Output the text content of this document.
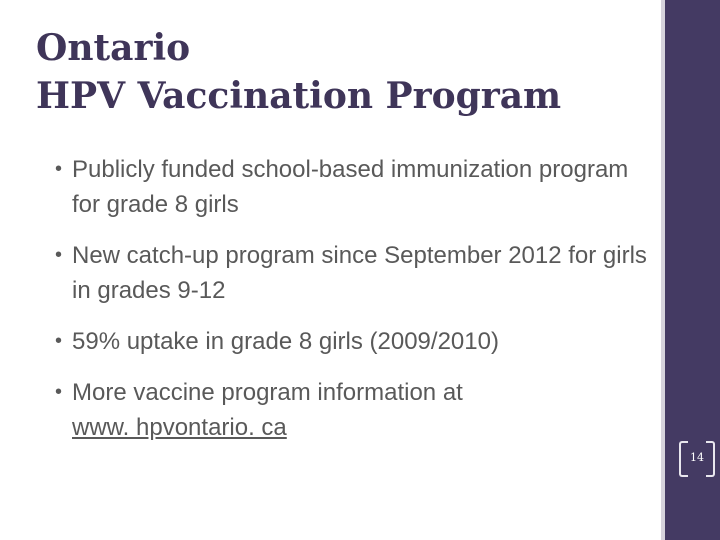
Ontario
HPV Vaccination Program
• Publicly funded school-based immunization program for grade 8 girls
• New catch-up program since September 2012 for girls in grades 9-12
• 59% uptake in grade 8 girls (2009/2010)
• More vaccine program information at
www. hpvontario. ca
14
